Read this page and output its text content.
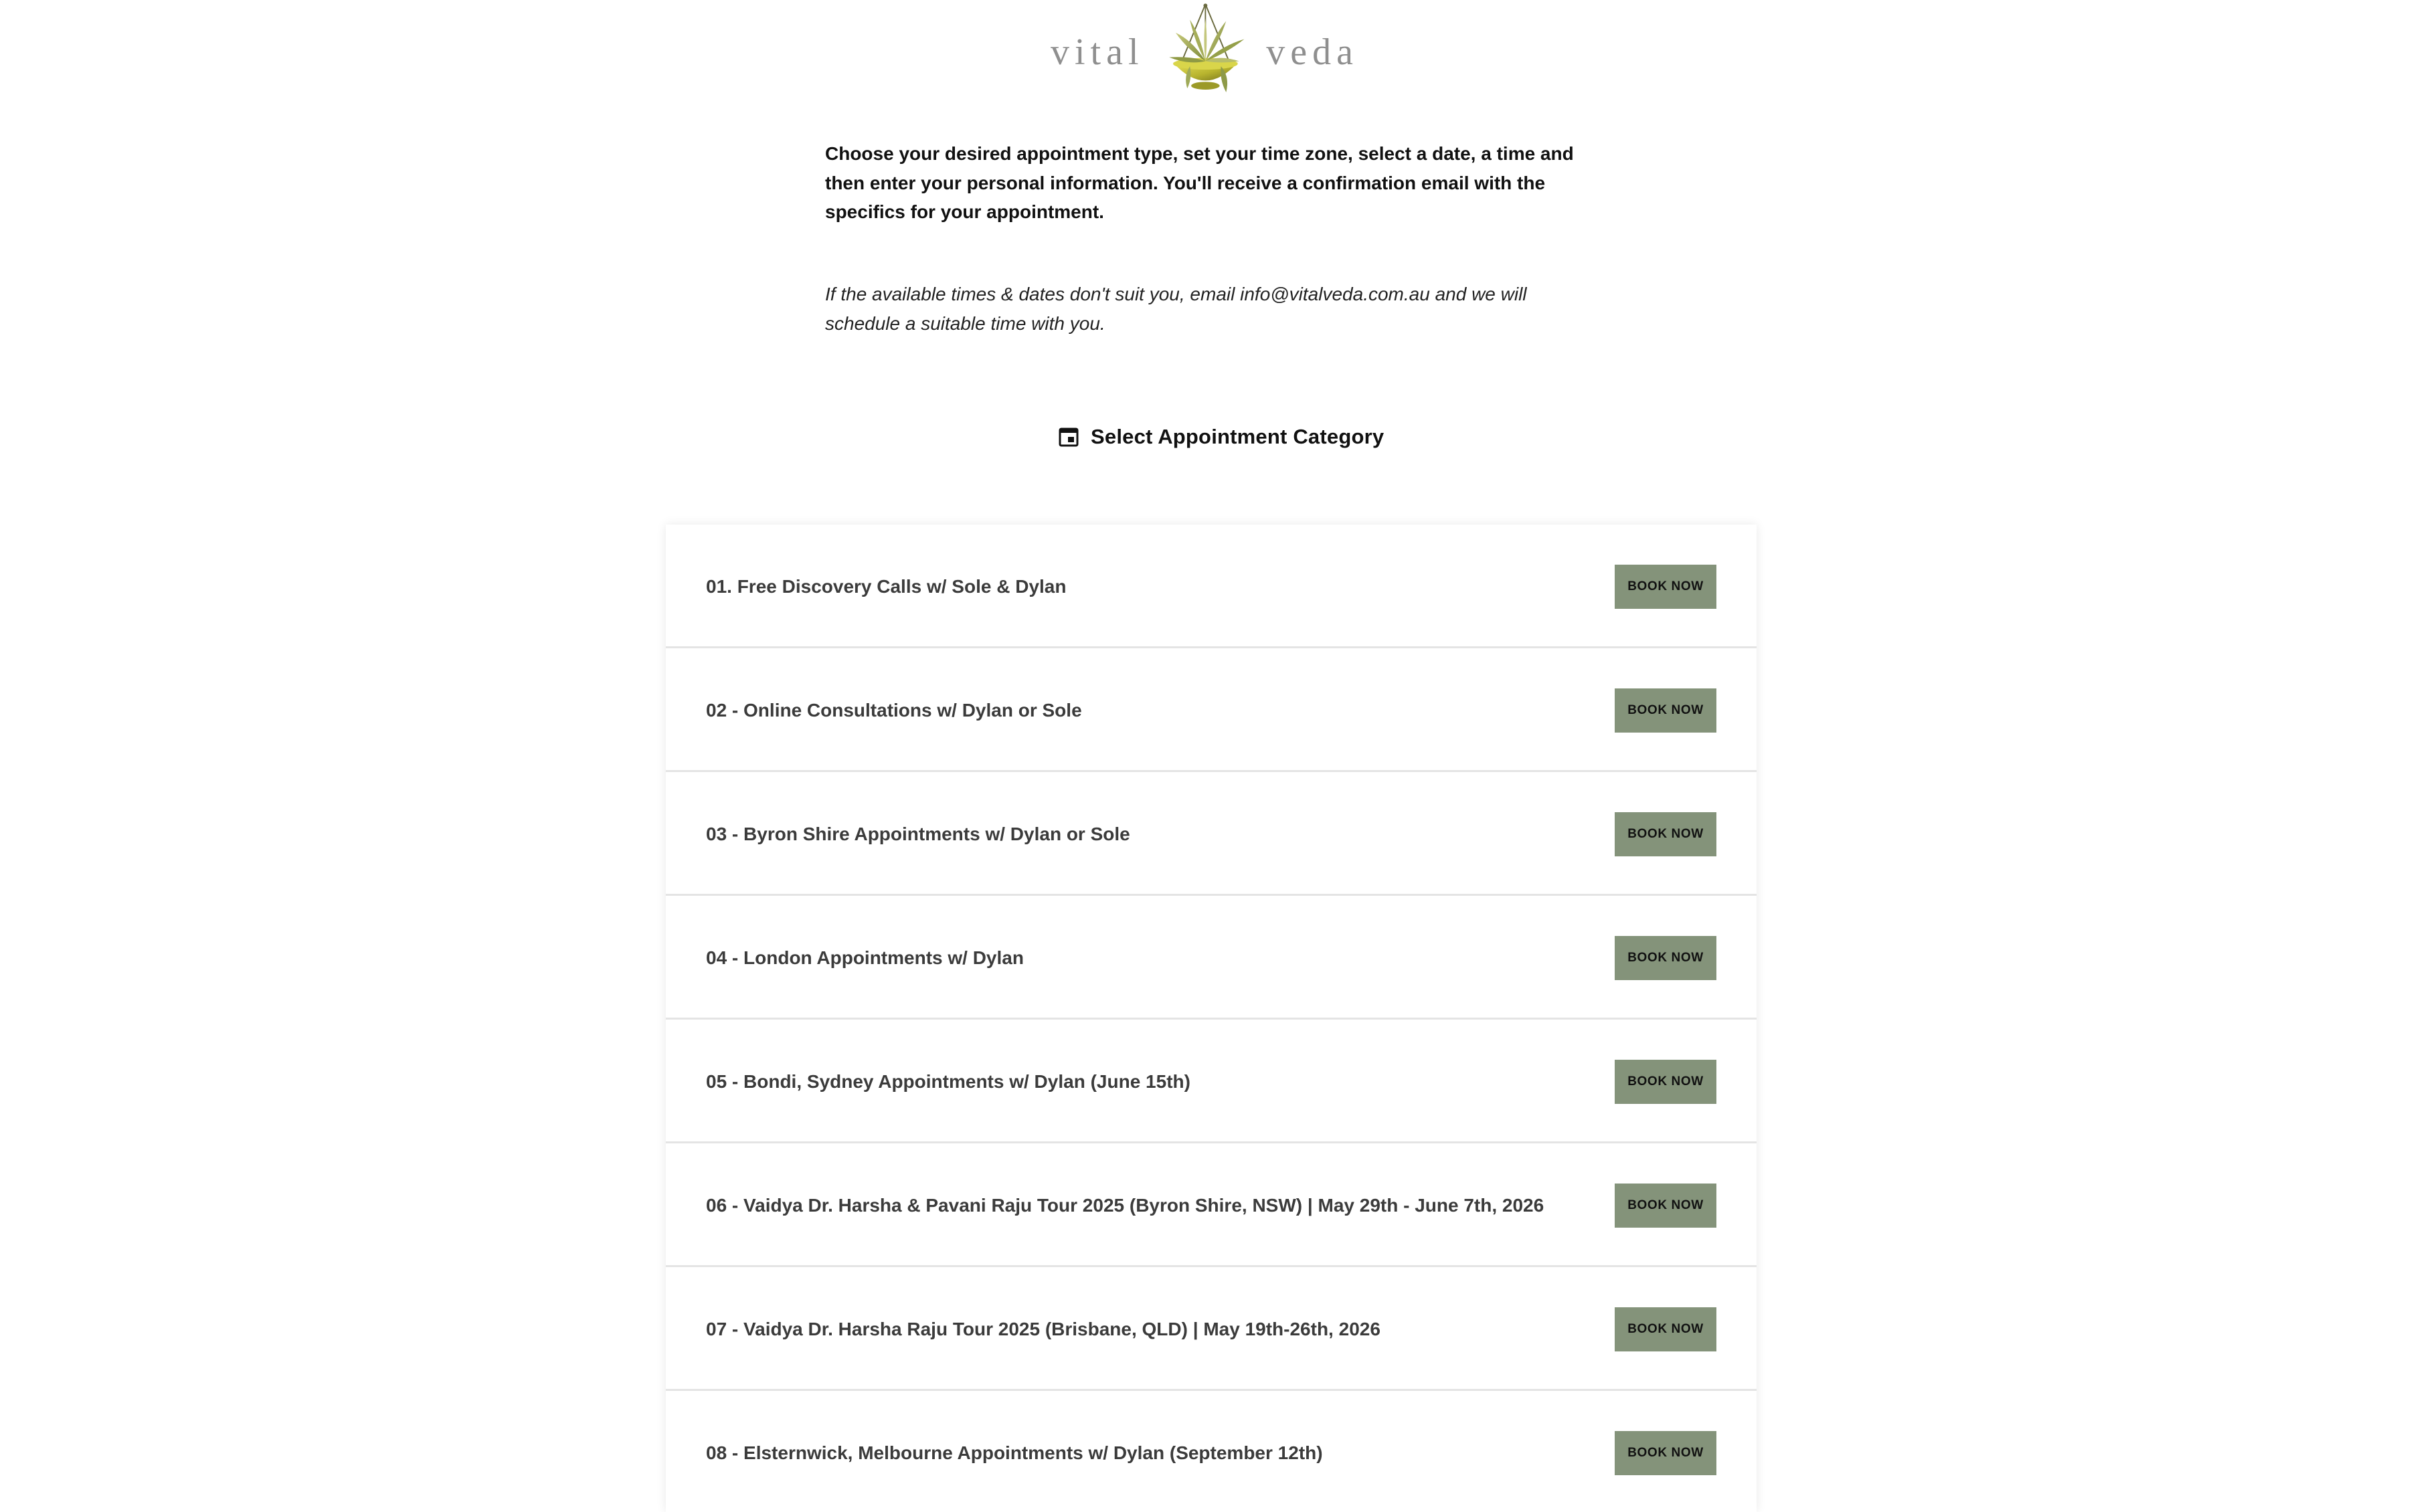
vital	veda

Choose your desired appointment type, set your time zone, select a date, a time and then enter your personal information. You'll receive a confirmation email with the specifics for your appointment.

If the available times & dates don't suit you, email info@vitalveda.com.au and we will schedule a suitable time with you.

Select Appointment Category
01. Free Discovery Calls w/ Sole & Dylan	BOOK NOW
02 - Online Consultations w/ Dylan or Sole	BOOK NOW
03 - Byron Shire Appointments w/ Dylan or Sole	BOOK NOW
04 - London Appointments w/ Dylan	BOOK NOW
05 - Bondi, Sydney Appointments w/ Dylan (June 15th)	BOOK NOW
06 - Vaidya Dr. Harsha & Pavani Raju Tour 2025 (Byron Shire, NSW) | May 29th - June 7th, 2026	BOOK NOW
07 - Vaidya Dr. Harsha Raju Tour 2025 (Brisbane, QLD) | May 19th-26th, 2026	BOOK NOW
08 - Elsternwick, Melbourne Appointments w/ Dylan (September 12th)	BOOK NOW
